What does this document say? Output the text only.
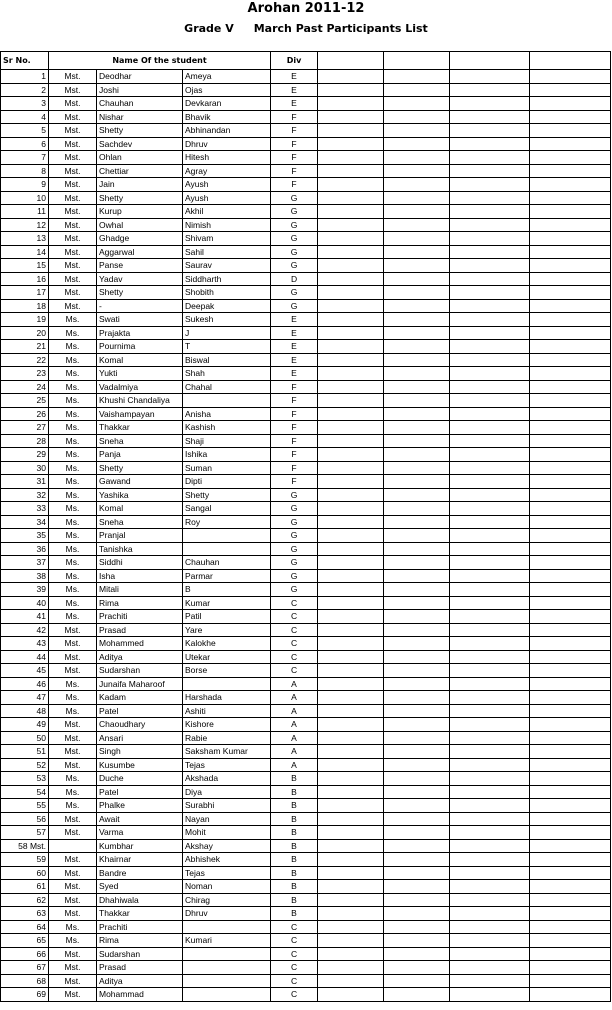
Arohan 2011-12
Grade V March Past Participants List
Sr No.	Name Of the student			Div				
1	Mst.	Deodhar	Ameya	E				
2	Mst.	Joshi	Ojas	E				
3	Mst.	Chauhan	Devkaran	E				
4	Mst.	Nishar	Bhavik	F				
5	Mst.	Shetty	Abhinandan	F				
6	Mst.	Sachdev	Dhruv	F				
7	Mst.	Ohlan	Hitesh	F				
8	Mst.	Chettiar	Agray	F				
9	Mst.	Jain	Ayush	F				
10	Mst.	Shetty	Ayush	G				
11	Mst.	Kurup	Akhil	G				
12	Mst.	Owhal	Nimish	G				
13	Mst.	Ghadge	Shivam	G				
14	Mst.	Aggarwal	Sahil	G				
15	Mst.	Panse	Saurav	G				
16	Mst.	Yadav	Siddharth	D				
17	Mst.	Shetty	Shobith	G				
18	Mst.	-	Deepak	G				
19	Ms.	Swati	Sukesh	E				
20	Ms.	Prajakta	J	E				
21	Ms.	Pournima	T	E				
22	Ms.	Komal	Biswal	E				
23	Ms.	Yukti	Shah	E				
24	Ms.	Vadalmiya	Chahal	F				
25	Ms.	Khushi Chandaliya		F				
26	Ms.	Vaishampayan	Anisha	F				
27	Ms.	Thakkar	Kashish	F				
28	Ms.	Sneha	Shaji	F				
29	Ms.	Panja	Ishika	F				
30	Ms.	Shetty	Suman	F				
31	Ms.	Gawand	Dipti	F				
32	Ms.	Yashika	Shetty	G				
33	Ms.	Komal	Sangal	G				
34	Ms.	Sneha	Roy	G				
35	Ms.	Pranjal		G				
36	Ms.	Tanishka		G				
37	Ms.	Siddhi	Chauhan	G				
38	Ms.	Isha	Parmar	G				
39	Ms.	Mitali	B	G				
40	Ms.	Rima	Kumar	C				
41	Ms.	Prachiti	Patil	C				
42	Mst.	Prasad	Yare	C				
43	Mst.	Mohammed	Kalokhe	C				
44	Mst.	Aditya	Utekar	C				
45	Mst.	Sudarshan	Borse	C				
46	Ms.	Junaifa Maharoof		A				
47	Ms.	Kadam	Harshada	A				
48	Ms.	Patel	Ashiti	A				
49	Mst.	Chaoudhary	Kishore	A				
50	Mst.	Ansari	Rabie	A				
51	Mst.	Singh	Saksham Kumar	A				
52	Mst.	Kusumbe	Tejas	A				
53	Ms.	Duche	Akshada	B				
54	Ms.	Patel	Diya	B				
55	Ms.	Phalke	Surabhi	B				
56	Mst.	Await	Nayan	B				
57	Mst.	Varma	Mohit	B				
58 Mst.		Kumbhar	Akshay	B				
59	Mst.	Khairnar	Abhishek	B				
60	Mst.	Bandre	Tejas	B				
61	Mst.	Syed	Noman	B				
62	Mst.	Dhahiwala	Chirag	B				
63	Mst.	Thakkar	Dhruv	B				
64	Ms.	Prachiti		C				
65	Ms.	Rima	Kumari	C				
66	Mst.	Sudarshan		C				
67	Mst.	Prasad		C				
68	Mst.	Aditya		C				
69	Mst.	Mohammad		C				
